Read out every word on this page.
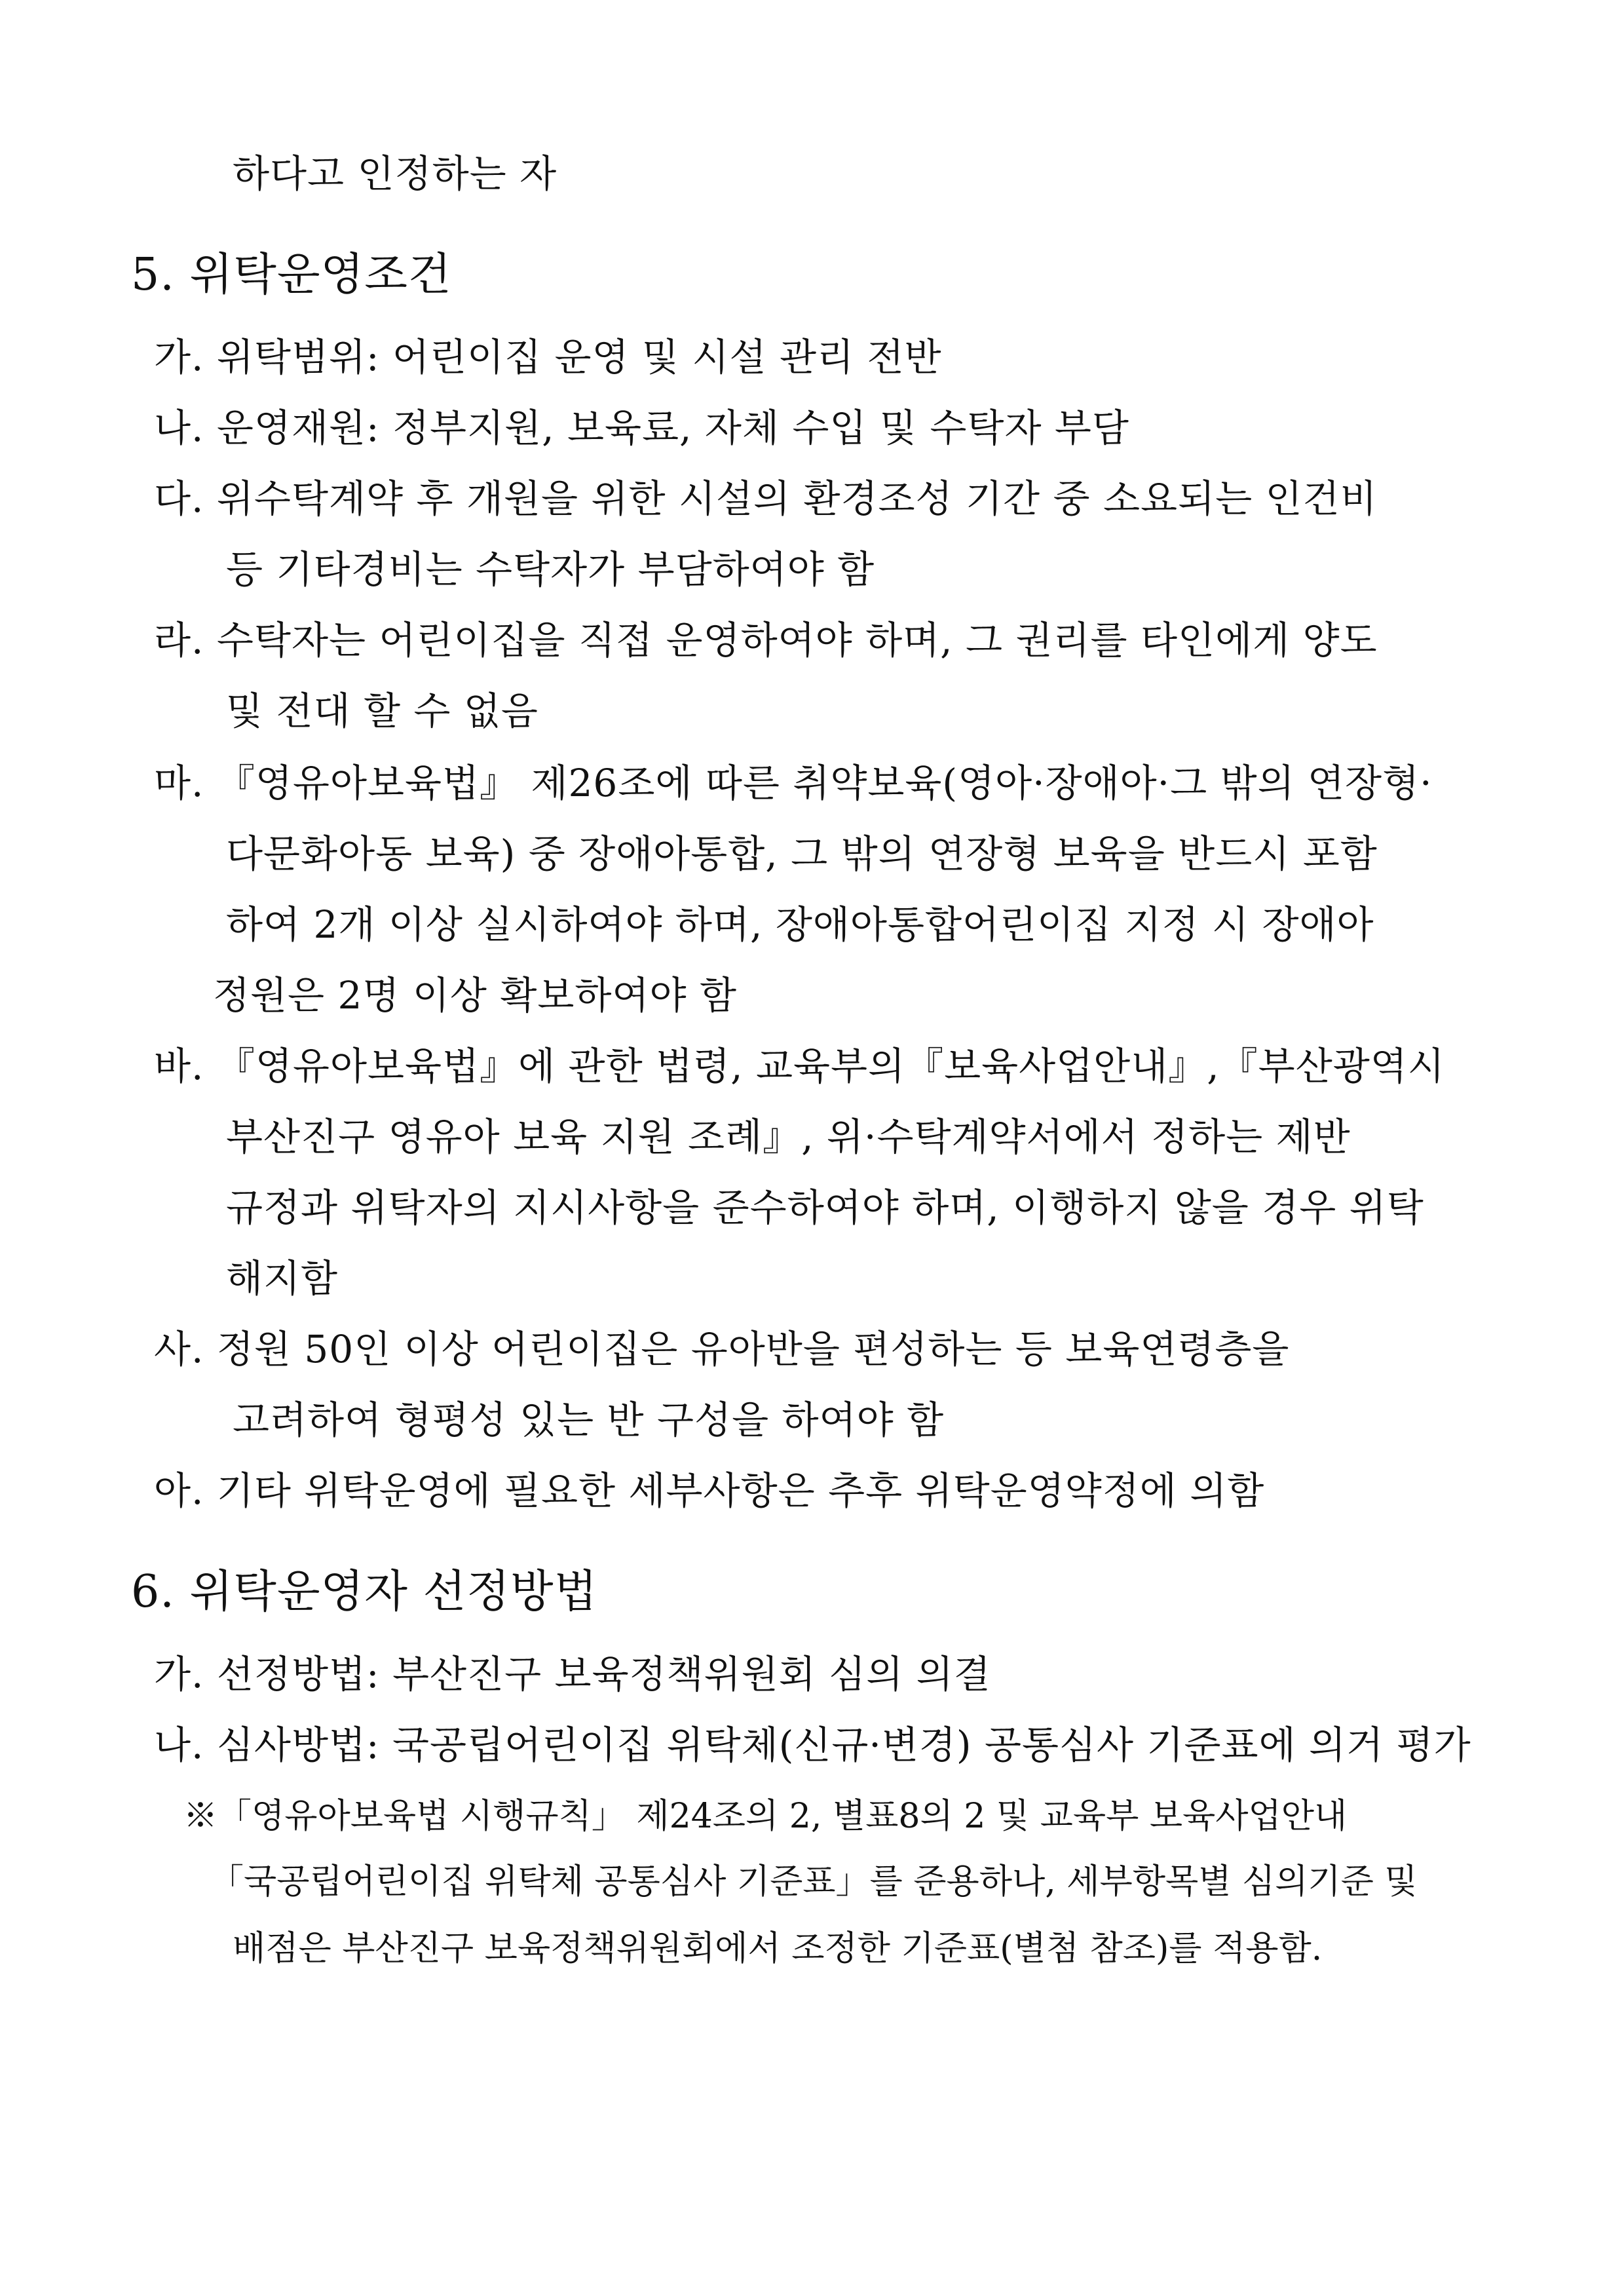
하다고 인정하는 자
5. 위탁운영조건
가. 위탁범위: 어린이집 운영 및 시설 관리 전반
나. 운영재원: 정부지원, 보육료, 자체 수입 및 수탁자 부담
다. 위수탁계약 후 개원을 위한 시설의 환경조성 기간 중 소요되는 인건비
등 기타경비는 수탁자가 부담하여야 함
라. 수탁자는 어린이집을 직접 운영하여야 하며, 그 권리를 타인에게 양도
및 전대 할 수 없음
마. 『영유아보육법』 제26조에 따른 취약보육(영아·장애아·그 밖의 연장형·
다문화아동 보육) 중 장애아통합, 그 밖의 연장형 보육을 반드시 포함
하여 2개 이상 실시하여야 하며, 장애아통합어린이집 지정 시 장애아
정원은 2명 이상 확보하여야 함
바. 『영유아보육법』에 관한 법령, 교육부의『보육사업안내』,『부산광역시
부산진구 영유아 보육 지원 조례』, 위·수탁계약서에서 정하는 제반
규정과 위탁자의 지시사항을 준수하여야 하며, 이행하지 않을 경우 위탁
해지함
사. 정원 50인 이상 어린이집은 유아반을 편성하는 등 보육연령층을
고려하여 형평성 있는 반 구성을 하여야 함
아. 기타 위탁운영에 필요한 세부사항은 추후 위탁운영약정에 의함
6. 위탁운영자 선정방법
가. 선정방법: 부산진구 보육정책위원회 심의 의결
나. 심사방법: 국공립어린이집 위탁체(신규·변경) 공통심사 기준표에 의거 평가
※「영유아보육법 시행규칙」 제24조의 2, 별표8의 2 및 교육부 보육사업안내
「국공립어린이집 위탁체 공통심사 기준표」를 준용하나, 세부항목별 심의기준 및
배점은 부산진구 보육정책위원회에서 조정한 기준표(별첨 참조)를 적용함.
